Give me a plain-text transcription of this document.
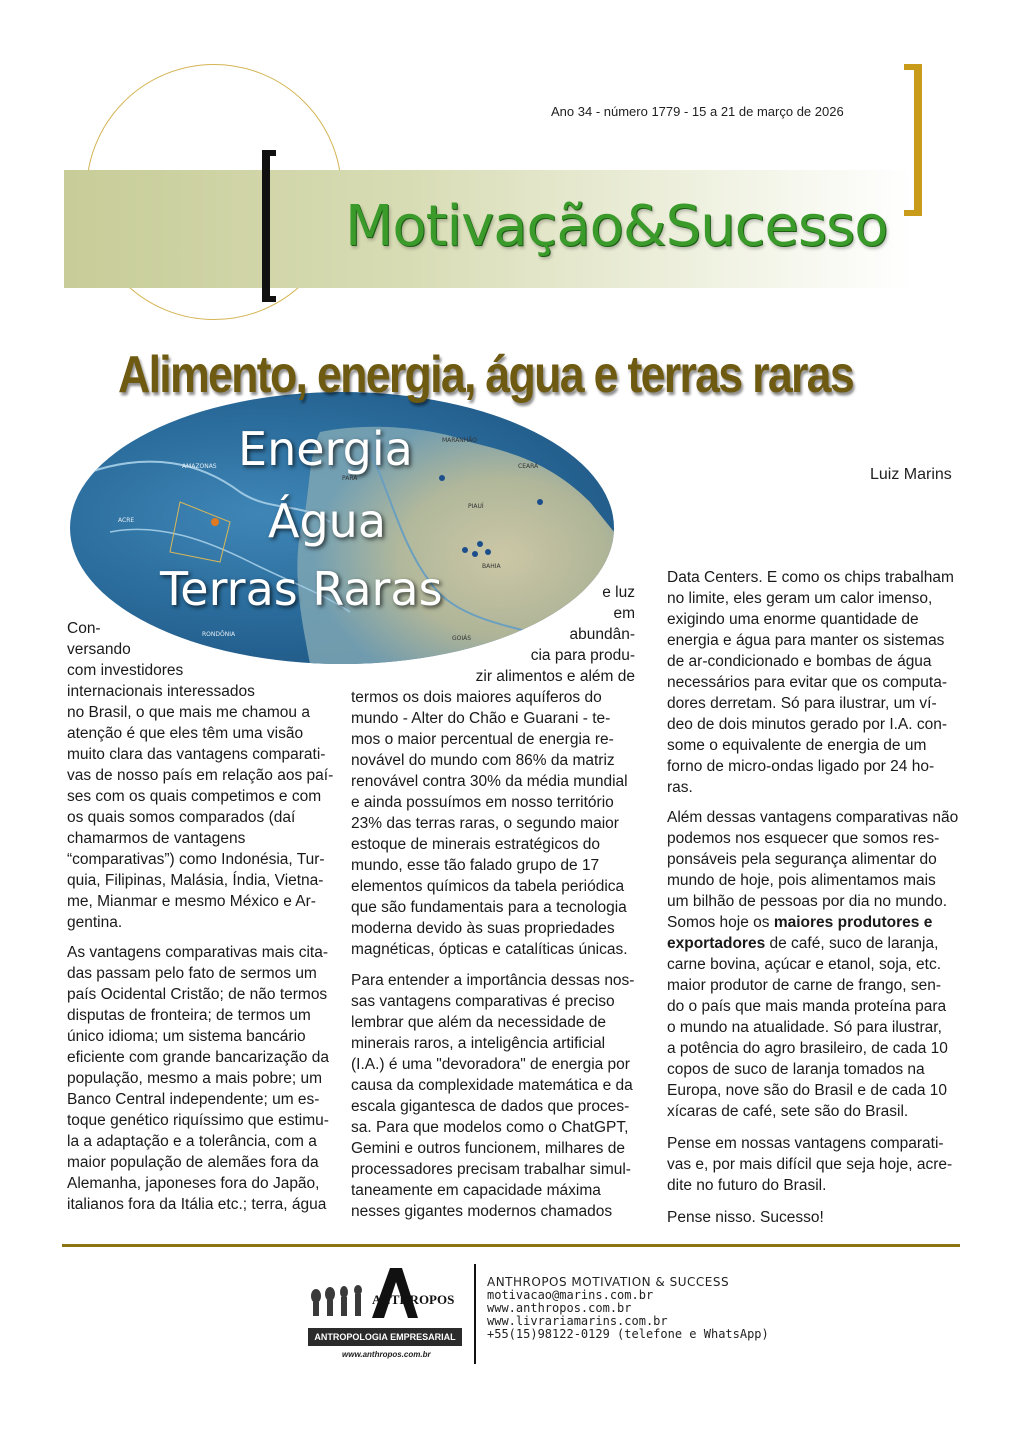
Ano 34 - número 1779 - 15 a 21 de março de 2026
Motivação&Sucesso
AMAZONAS
PARÁ
MARANHÃO
CEARÁ
PIAUÍ
BAHIA
ACRE
RONDÔNIA
GOIÁS
Energia
Água
Terras Raras
Alimento, energia, água e terras raras
Luiz Marins
Con-
versando
com investidores
internacionais interessados
no Brasil, o que mais me chamou a
atenção é que eles têm uma visão
muito clara das vantagens comparati-
vas de nosso país em relação aos paí-
ses com os quais competimos e com
os quais somos comparados (daí
chamarmos de vantagens
“comparativas”) como Indonésia, Tur-
quia, Filipinas, Malásia, Índia, Vietna-
me, Mianmar e mesmo México e Ar-
gentina.
As vantagens comparativas mais cita-
das passam pelo fato de sermos um
país Ocidental Cristão; de não termos
disputas de fronteira; de termos um
único idioma; um sistema bancário
eficiente com grande bancarização da
população, mesmo a mais pobre; um
Banco Central independente; um es-
toque genético riquíssimo que estimu-
la a adaptação e a tolerância, com a
maior população de alemães fora da
Alemanha, japoneses fora do Japão,
italianos fora da Itália etc.; terra, água
e luz
em
abundân-
cia para produ-
zir alimentos e além de
termos os dois maiores aquíferos do
mundo - Alter do Chão e Guarani - te-
mos o maior percentual de energia re-
novável do mundo com 86% da matriz
renovável contra 30% da média mundial
e ainda possuímos em nosso território
23% das terras raras, o segundo maior
estoque de minerais estratégicos do
mundo, esse tão falado grupo de 17
elementos químicos da tabela periódica
que são fundamentais para a tecnologia
moderna devido às suas propriedades
magnéticas, ópticas e catalíticas únicas.
Para entender a importância dessas nos-
sas vantagens comparativas é preciso
lembrar que além da necessidade de
minerais raros, a inteligência artificial
(I.A.) é uma "devoradora" de energia por
causa da complexidade matemática e da
escala gigantesca de dados que proces-
sa. Para que modelos como o ChatGPT,
Gemini e outros funcionem, milhares de
processadores precisam trabalhar simul-
taneamente em capacidade máxima
nesses gigantes modernos chamados
Data Centers. E como os chips trabalham
no limite, eles geram um calor imenso,
exigindo uma enorme quantidade de
energia e água para manter os sistemas
de ar-condicionado e bombas de água
necessários para evitar que os computa-
dores derretam. Só para ilustrar, um ví-
deo de dois minutos gerado por I.A. con-
some o equivalente de energia de um
forno de micro-ondas ligado por 24 ho-
ras.
Além dessas vantagens comparativas não
podemos nos esquecer que somos res-
ponsáveis pela segurança alimentar do
mundo de hoje, pois alimentamos mais
um bilhão de pessoas por dia no mundo.
Somos hoje os maiores produtores e
exportadores de café, suco de laranja,
carne bovina, açúcar e etanol, soja, etc.
maior produtor de carne de frango, sen-
do o país que mais manda proteína para
o mundo na atualidade. Só para ilustrar,
a potência do agro brasileiro, de cada 10
copos de suco de laranja tomados na
Europa, nove são do Brasil e de cada 10
xícaras de café, sete são do Brasil.
Pense em nossas vantagens comparati-
vas e, por mais difícil que seja hoje, acre-
dite no futuro do Brasil.
Pense nisso. Sucesso!
ANTHROPOS
ANTROPOLOGIA EMPRESARIAL
www.anthropos.com.br
ANTHROPOS MOTIVATION & SUCCESS
motivacao@marins.com.br
www.anthropos.com.br
www.livrariamarins.com.br
+55(15)98122-0129 (telefone e WhatsApp)
